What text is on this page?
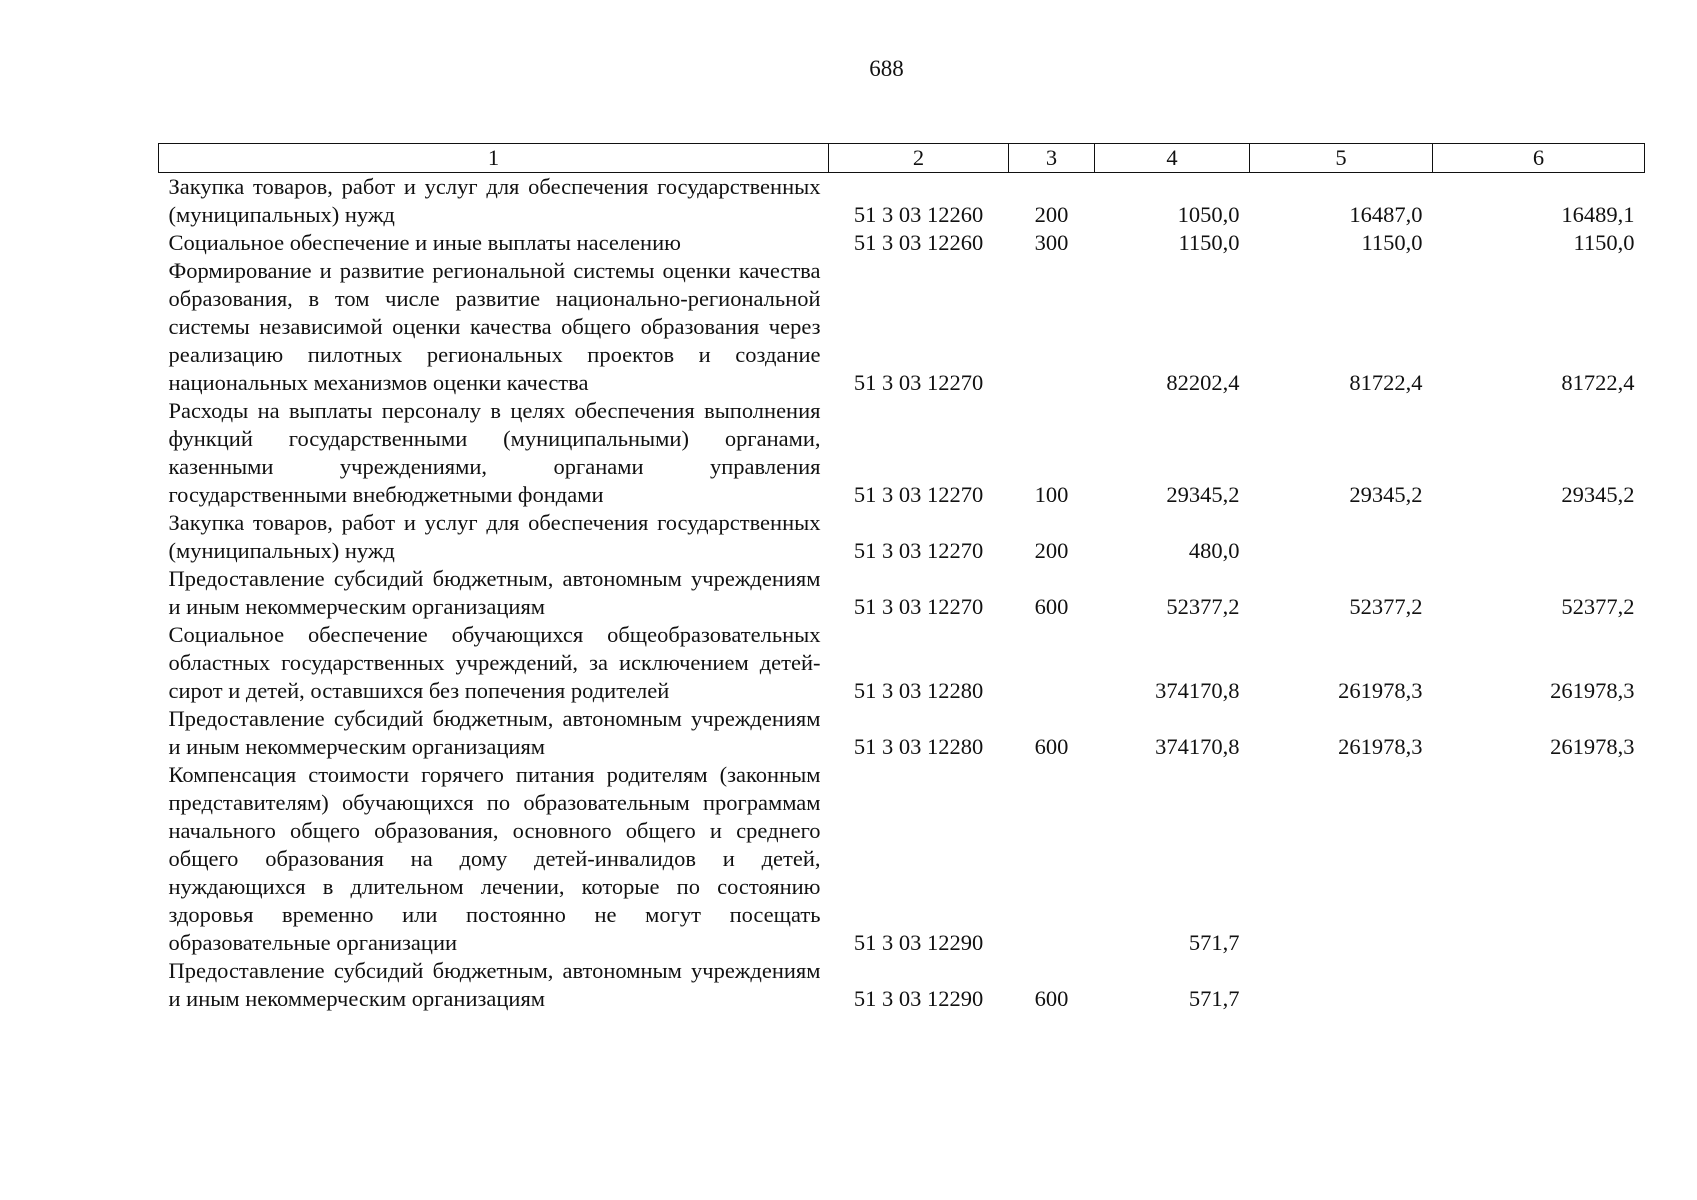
688
1	2	3	4	5	6
Закупка товаров, работ и услуг для обеспечения государственных (муниципальных) нужд	51 3 03 12260	200	1050,0	16487,0	16489,1
Социальное обеспечение и иные выплаты населению	51 3 03 12260	300	1150,0	1150,0	1150,0
Формирование и развитие региональной системы оценки качества образования, в том числе развитие национально-региональной системы независимой оценки качества общего образования через реализацию пилотных региональных проектов и создание национальных механизмов оценки качества	51 3 03 12270		82202,4	81722,4	81722,4
Расходы на выплаты персоналу в целях обеспечения выполнения функций государственными (муниципальными) органами, казенными учреждениями, органами управления государственными внебюджетными фондами	51 3 03 12270	100	29345,2	29345,2	29345,2
Закупка товаров, работ и услуг для обеспечения государственных (муниципальных) нужд	51 3 03 12270	200	480,0		
Предоставление субсидий бюджетным, автономным учреждениям и иным некоммерческим организациям	51 3 03 12270	600	52377,2	52377,2	52377,2
Социальное обеспечение обучающихся общеобразовательных областных государственных учреждений, за исключением детей-сирот и детей, оставшихся без попечения родителей	51 3 03 12280		374170,8	261978,3	261978,3
Предоставление субсидий бюджетным, автономным учреждениям и иным некоммерческим организациям	51 3 03 12280	600	374170,8	261978,3	261978,3
Компенсация стоимости горячего питания родителям (законным представителям) обучающихся по образовательным программам начального общего образования, основного общего и среднего общего образования на дому детей-инвалидов и детей, нуждающихся в длительном лечении, которые по состоянию здоровья временно или постоянно не могут посещать образовательные организации	51 3 03 12290		571,7		
Предоставление субсидий бюджетным, автономным учреждениям и иным некоммерческим организациям	51 3 03 12290	600	571,7		
